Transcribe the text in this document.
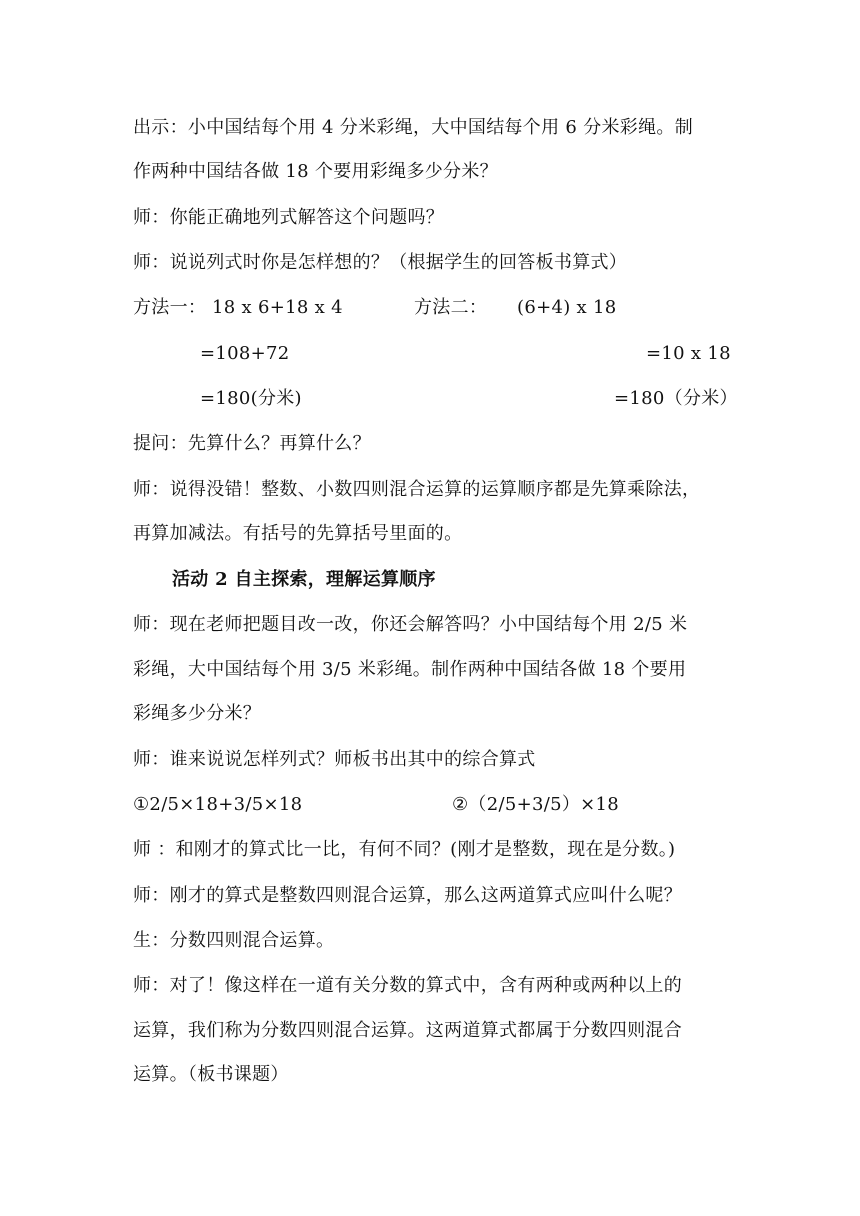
出示：小中国结每个用 4 分米彩绳，大中国结每个用 6 分米彩绳。制
作两种中国结各做 18 个要用彩绳多少分米？
师：你能正确地列式解答这个问题吗？
师：说说列式时你是怎样想的？（根据学生的回答板书算式）
方法一： 18 x 6+18 x 4	方法二： (6+4) x 18
=108+72	=10 x 18
=180(分米)	=180（分米）
提问：先算什么？再算什么？
师：说得没错！整数、小数四则混合运算的运算顺序都是先算乘除法，
再算加减法。有括号的先算括号里面的。
活动 2 自主探索，理解运算顺序
师：现在老师把题目改一改，你还会解答吗？小中国结每个用 2/5 米
彩绳，大中国结每个用 3/5 米彩绳。制作两种中国结各做 18 个要用
彩绳多少分米？
师：谁来说说怎样列式？师板书出其中的综合算式
①2/5×18+3/5×18	②（2/5+3/5）×18
师 ：和刚才的算式比一比，有何不同？(刚才是整数，现在是分数。)
师：刚才的算式是整数四则混合运算，那么这两道算式应叫什么呢？
生：分数四则混合运算。
师：对了！像这样在一道有关分数的算式中，含有两种或两种以上的
运算，我们称为分数四则混合运算。这两道算式都属于分数四则混合
运算。（板书课题）
